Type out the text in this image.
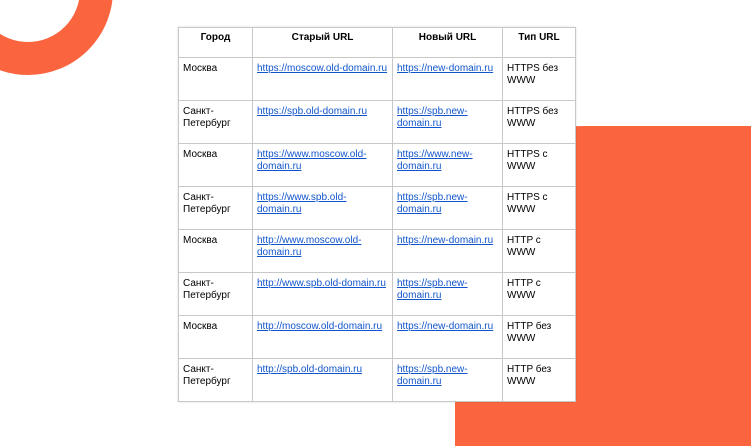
Город	Старый URL	Новый URL	Тип URL
Москва	https://moscow.old-domain.ru	https://new-domain.ru	HTTPS без WWW
Санкт-Петербург	https://spb.old-domain.ru	https://spb.new-domain.ru	HTTPS без WWW
Москва	https://www.moscow.old-domain.ru	https://www.new-domain.ru	HTTPS с WWW
Санкт-Петербург	https://www.spb.old-domain.ru	https://spb.new-domain.ru	HTTPS с WWW
Москва	http://www.moscow.old-domain.ru	https://new-domain.ru	HTTP с WWW
Санкт-Петербург	http://www.spb.old-domain.ru	https://spb.new-domain.ru	HTTP с WWW
Москва	http://moscow.old-domain.ru	https://new-domain.ru	HTTP без WWW
Санкт-Петербург	http://spb.old-domain.ru	https://spb.new-domain.ru	HTTP без WWW
